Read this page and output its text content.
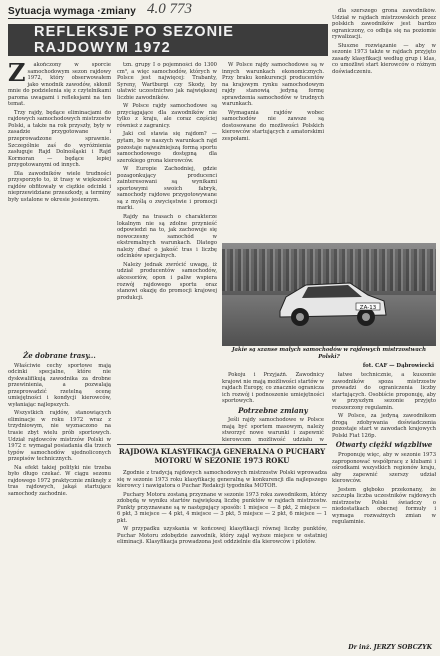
Sytuacja wymaga ·zmiany 4.0 773
REFLEKSJE PO SEZONIE RAJDOWYM 1972
Z	akończony w sporcie samochodowym sezon rajdowy 1972, który obserwowałem jako wnodnik zawodów, skłonił mnie do podzielenia się z czytelnikami paroma uwagami i refleksjami na ten temat.

Trzy rajdy, będące eliminacjami do rajdowych samochodowych mistrzostw Polski, a także na rok przyszły, były w zasadzie przygotowane i przeprowadzone sprawnie. Szczególnie zaś do wyróżnienia zasługuje Rajd Dolnośląski i Rajd Kormoran — będące lepiej przygotowanymi od innych.

Dla zawodników wiele trudności przysporzyło to, iż trasy w większości rajdów obfitowały w ciężkie odcinki i nieprzewidziane przeszkody, a terminy były ustalone w okresie jesiennym.

Że dobrane trasy...

Właściwie cechy sportowe mają odcinki specjalne, które nie dyskwalifikują zawodnika za drobne przewinienia, a pozwalają przeprowadzić rzetelną ocenę umiejętności i kondycji kierowców, wyłaniając najlepszych.

Wszystkich rajdów, stanowiących eliminacje w roku 1972 wraz z trzydniowym, nie wyznaczono na trasie zbyt wielu prób sportowych. Udział rajdowców mistrzów Polski w 1972 r. wymagał posiadania dla trzech typów samochodów ujednoliconych przepisów technicznych.

Na efekt takiej polityki nie trzeba było długo czekać. W ciągu sezonu rajdowego 1972 praktycznie zniknęły z tras rajdowych, jakąś startujące samochody zachodnie.

tzn. grupy I o pojemności do 1300 cm³, a więc samochodów, których w Polsce jest najwięcej: Trabanty, Syreny, Wartburgi czy Skody, by ułatwić uczestnictwo jak największej liczbie zawodników.

W Polsce rajdy samochodowe są przyciągające dla zawodników nie tylko z kraju, ale coraz częściej również z zagranicy.

Jaki cel stawia się rajdom? — pytam, bo w naszych warunkach rajd pozostaje najważniejszą formą sportu samochodowego dostępną dla szerokiego grona kierowców.

W Europie Zachodniej, gdzie pozagonkujący producenci zainteresowani są wynikami sportowymi swoich fabryk, samochody rajdowe przygotowywane są z myślą o zwycięstwie i promocji marki.

Rajdy na trasach o charakterze lokalnym nie są zdolne przynieść odpowiedzi na to, jak zachowuje się nowoczesny samochód w ekstremalnych warunkach. Dlatego należy dbać o jakość tras i liczbę odcinków specjalnych.

Należy jednak zwrócić uwagę, iż udział producentów samochodów, akcesoriów, opon i paliw wspiera rozwój rajdowego sportu oraz stanowi okazję do promocji krajowej produkcji.

W Polsce rajdy samochodowe są w innych warunkach ekonomicznych. Przy braku konkurencji producentów na krajowym rynku samochodowym rajdy stanowią jedyną formę sprawdzenia samochodów w trudnych warunkach.

Wymagania rajdów wobec samochodów nie zawsze są dostosowane do możliwości Polskich kierowców startujących z amatorskimi zespołami.

dla szerszego grona zawodników. Udział w rajdach mistrzowskich przez polskich zawodników jest bardzo ograniczony, co odbija się na poziomie rywalizacji.

Słuszne rozwiązanie — aby w sezonie 1973 także w rajdach przyjęto zasady klasyfikacji według grup i klas, co umożliwi start kierowców o różnym doświadczeniu.

ZA-13
Jakie są szanse małych samochodów w rajdowych mistrzostwach Polski?
fot. CAF — Dąbrowiecki

Pokoju i Przyjaźń. Zawodnicy krajowi nie mają możliwości startów w rajdach Europy, co znacznie ogranicza ich rozwój i podnoszenie umiejętności sportowych.

Potrzebne zmiany

Jeśli rajdy samochodowe w Polsce mają być sportem masowym, należy stworzyć nowe warunki i zapewnić kierowcom możliwość udziału w

łatwe technicznie, a kuszenie zawodników spoza mistrzostw prowadzi do ograniczenia liczby startujących. Osobiście proponuję, aby w przyszłym sezonie przyjęto rozszerzony regulamin.

W Polsce, za jedyną zawodnikom drogą zdobywania doświadczenia pozostaje start w zawodach krajowych Polski Fiat 126p.

Otwarty ciężki wiązbliwe

Proponuję więc, aby w sezonie 1973 zaproponować współpracę z klubami i ośrodkami wszystkich regionów kraju, aby zapewnić szerszy udział kierowców.

Jestem głęboko przekonany, że szczupła liczba uczestników rajdowych mistrzostw Polski świadczy o niedostatkach obecnej formuły i wymaga rozważnych zmian w regulaminie.

RAJDOWA KLASYFIKACJA GENERALNA O PUCHARY MOTORU W SEZONIE 1973 ROKU

Zgodnie z tradycją rajdowych samochodowych mistrzostw Polski wprowadza się w sezonie 1973 roku klasyfikację generalną w konkurencji dla najlepszego kierowcy i nawigatora o Puchar Redakcji tygodnika MOTOR.

Puchary Motoru zostaną przyznane w sezonie 1973 roku zawodnikom, którzy zdobędą w wyniku startów największą liczbę punktów w rajdach mistrzostw. Punkty przyznawane są w następujący sposób: 1 miejsce — 8 pkt, 2 miejsce — 6 pkt, 3 miejsce — 4 pkt, 4 miejsce — 3 pkt, 5 miejsce — 2 pkt, 6 miejsce — 1 pkt.

W przypadku uzyskania w końcowej klasyfikacji równej liczby punktów, Puchar Motoru zdobędzie zawodnik, który zajął wyższe miejsce w ostatniej eliminacji. Klasyfikacja prowadzona jest oddzielnie dla kierowców i pilotów.

Dr inż. JERZY SOBCZYK
